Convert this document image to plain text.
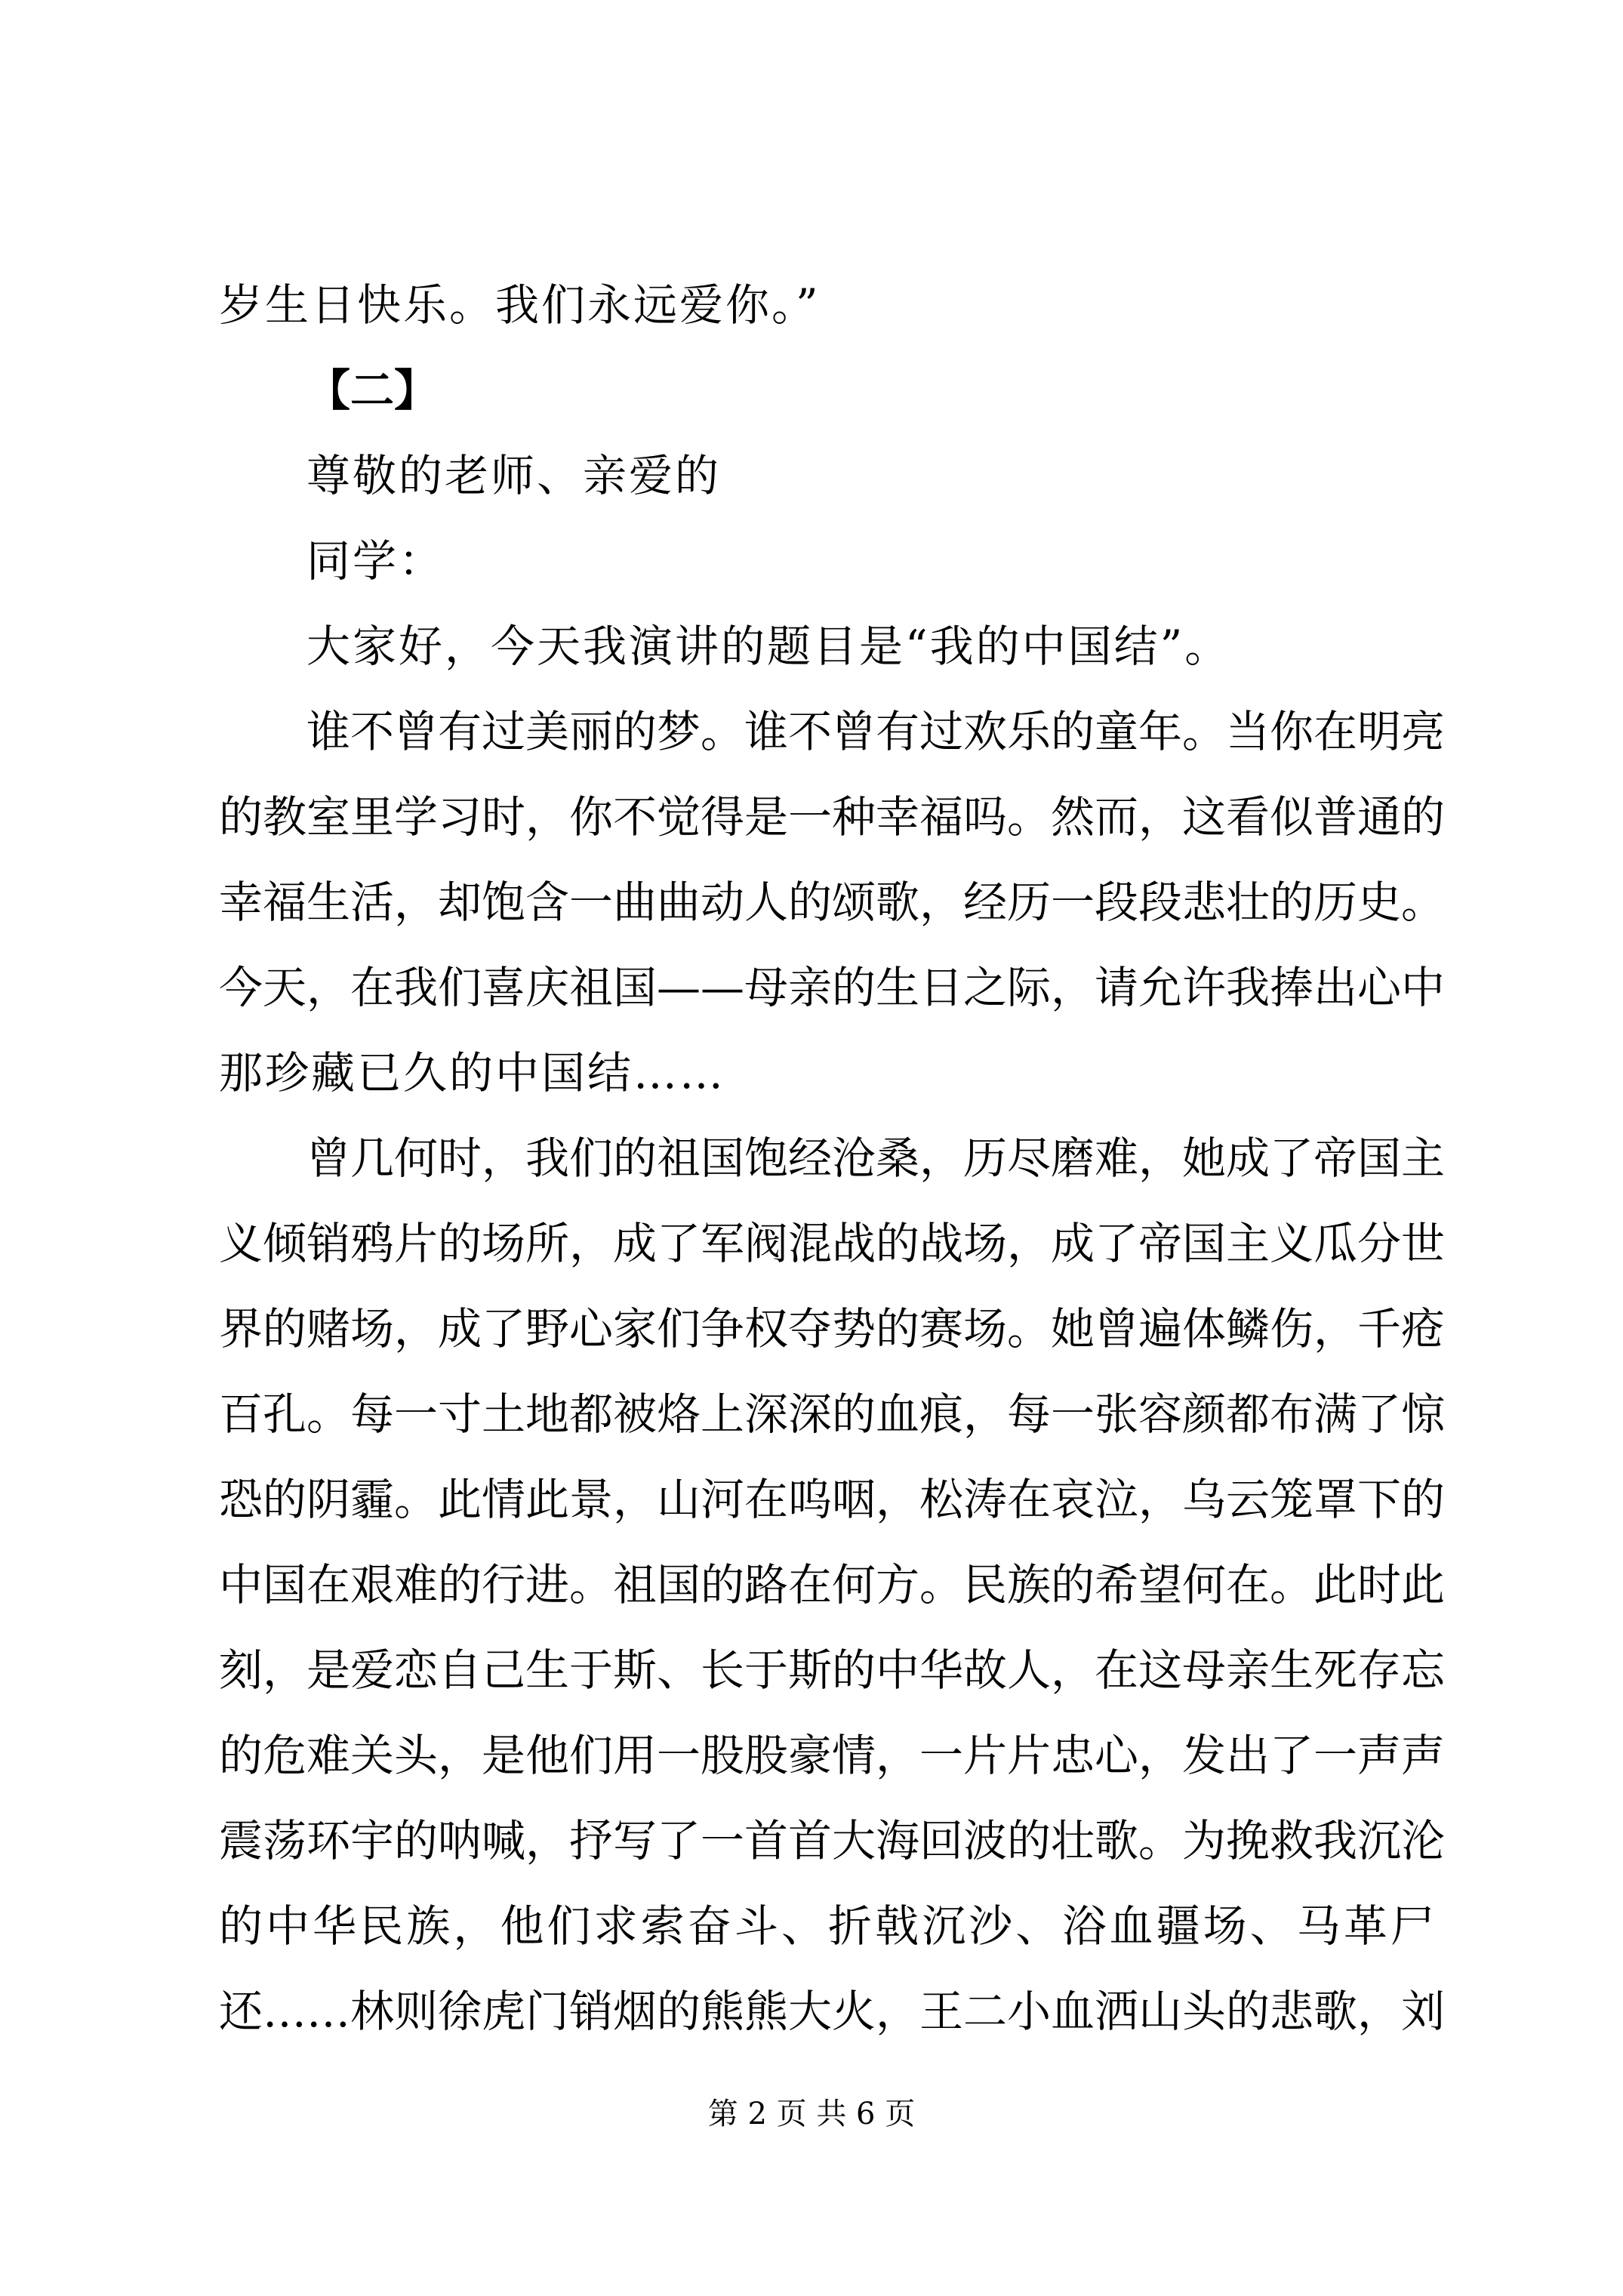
岁生日快乐。我们永远爱你。”
【二】
尊敬的老师、亲爱的
同学：
大家好，今天我演讲的题目是“我的中国结”。
谁不曾有过美丽的梦。谁不曾有过欢乐的童年。当你在明亮
的教室里学习时，你不觉得是一种幸福吗。然而，这看似普通的
幸福生活，却饱含一曲曲动人的颂歌，经历一段段悲壮的历史。
今天，在我们喜庆祖国——母亲的生日之际，请允许我捧出心中
那珍藏已久的中国结……
曾几何时，我们的祖国饱经沧桑，历尽磨难，她成了帝国主
义倾销鸦片的场所，成了军阀混战的战场，成了帝国主义瓜分世
界的赌场，成了野心家们争权夺势的赛场。她曾遍体鳞伤，千疮
百孔。每一寸土地都被烙上深深的血痕，每一张容颜都布满了惊
恐的阴霾。此情此景，山河在呜咽，松涛在哀泣，乌云笼罩下的
中国在艰难的行进。祖国的路在何方。民族的希望何在。此时此
刻，是爱恋自己生于斯、长于斯的中华故人，在这母亲生死存忘
的危难关头，是他们用一股股豪情，一片片忠心，发出了一声声
震荡环宇的呐喊，抒写了一首首大海回波的壮歌。为挽救我沉沦
的中华民族，他们求索奋斗、折戟沉沙、浴血疆场、马革尸
还……林则徐虎门销烟的熊熊大火，王二小血洒山头的悲歌，刘
第 2 页 共 6 页
